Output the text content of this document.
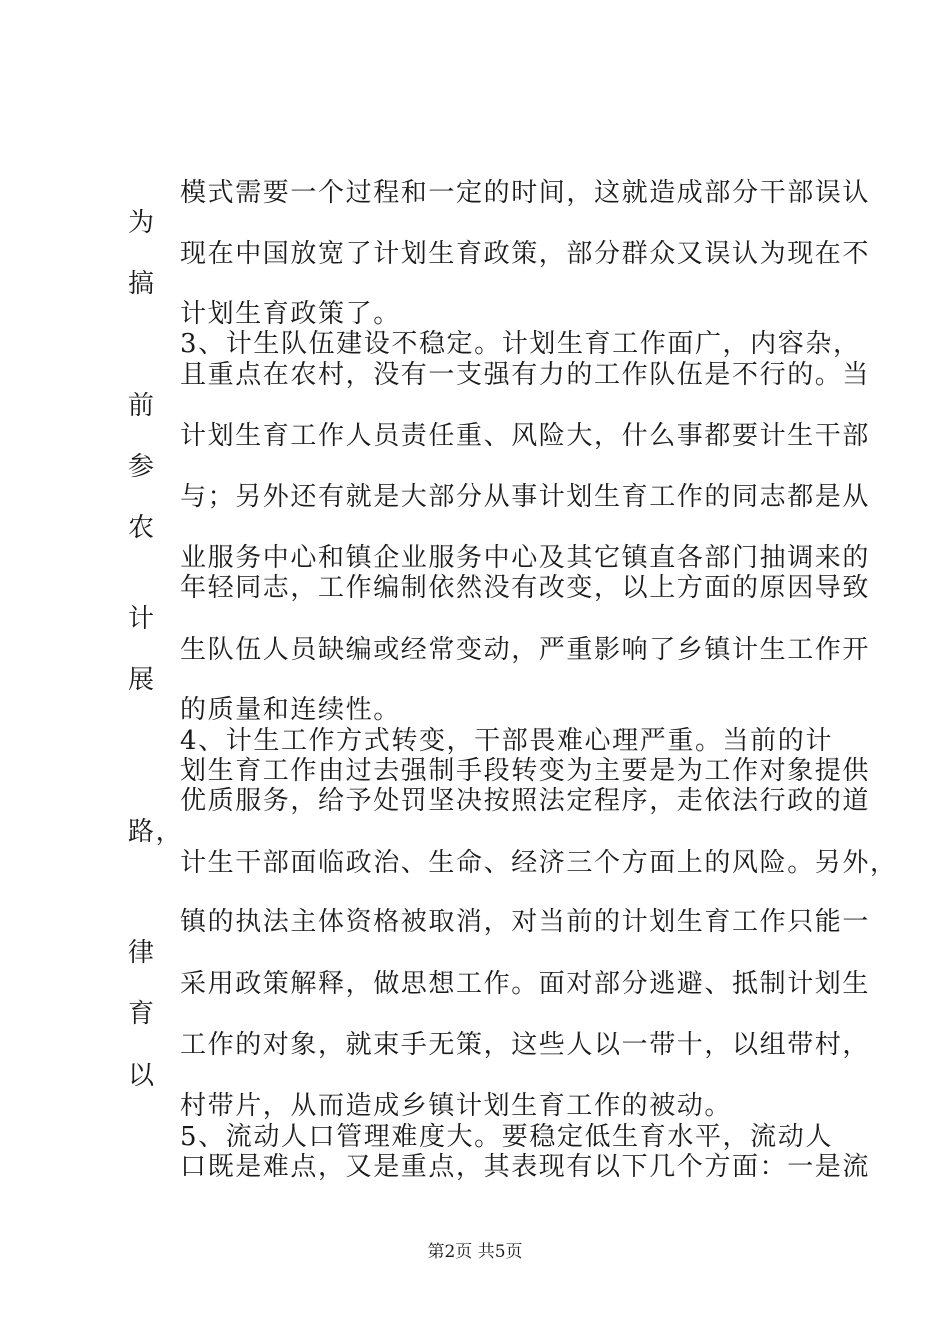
模式需要一个过程和一定的时间，这就造成部分干部误认
为
现在中国放宽了计划生育政策，部分群众又误认为现在不
搞
计划生育政策了。
3、计生队伍建设不稳定。计划生育工作面广，内容杂，
且重点在农村，没有一支强有力的工作队伍是不行的。当
前
计划生育工作人员责任重、风险大，什么事都要计生干部
参
与；另外还有就是大部分从事计划生育工作的同志都是从
农
业服务中心和镇企业服务中心及其它镇直各部门抽调来的
年轻同志，工作编制依然没有改变，以上方面的原因导致
计
生队伍人员缺编或经常变动，严重影响了乡镇计生工作开
展
的质量和连续性。
4、计生工作方式转变，干部畏难心理严重。当前的计
划生育工作由过去强制手段转变为主要是为工作对象提供
优质服务，给予处罚坚决按照法定程序，走依法行政的道
路，
计生干部面临政治、生命、经济三个方面上的风险。另外，
镇的执法主体资格被取消，对当前的计划生育工作只能一
律
采用政策解释，做思想工作。面对部分逃避、抵制计划生
育
工作的对象，就束手无策，这些人以一带十，以组带村，
以
村带片，从而造成乡镇计划生育工作的被动。
5、流动人口管理难度大。要稳定低生育水平，流动人
口既是难点，又是重点，其表现有以下几个方面：一是流
第2页 共5页
